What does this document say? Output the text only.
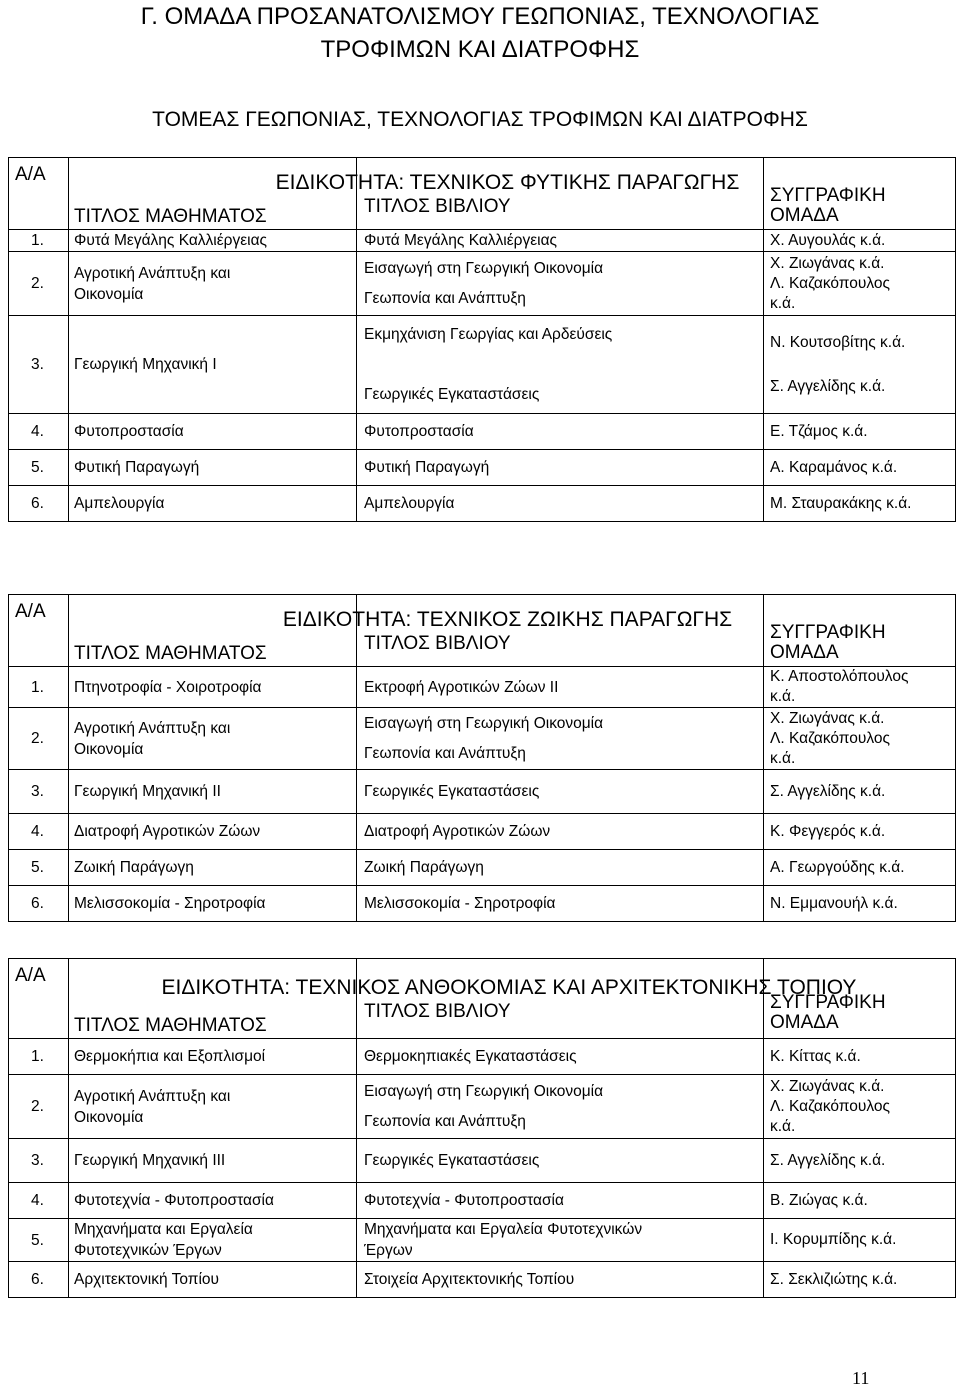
Γ. ΟΜΑΔΑ ΠΡΟΣΑΝΑΤΟΛΙΣΜΟΥ ΓΕΩΠΟΝΙΑΣ, ΤΕΧΝΟΛΟΓΙΑΣ
ΤΡΟΦΙΜΩΝ ΚΑΙ ΔΙΑΤΡΟΦΗΣ
ΤΟΜΕΑΣ ΓΕΩΠΟΝΙΑΣ, ΤΕΧΝΟΛΟΓΙΑΣ ΤΡΟΦΙΜΩΝ ΚΑΙ ΔΙΑΤΡΟΦΗΣ
Α/Α	ΤΙΤΛΟΣ ΜΑΘΗΜΑΤΟΣ	ΕΙΔΙΚΟΤΗΤΑ: ΤΕΧΝΙΚΟΣ ΦΥΤΙΚΗΣ ΠΑΡΑΓΩΓΗΣ
ΤΙΤΛΟΣ ΒΙΒΛΙΟΥ	ΣΥΓΓΡΑΦΙΚΗ
ΟΜΑΔΑ

1.	Φυτά Μεγάλης Καλλιέργειας	Φυτά Μεγάλης Καλλιέργειας	Χ. Αυγουλάς κ.ά.

2.	Αγροτική Ανάπτυξη και
Οικονομία	Εισαγωγή στη Γεωργική Οικονομία
Γεωπονία και Ανάπτυξη	Χ. Ζιωγάνας κ.ά.
Λ. Καζακόπουλος
κ.ά.

3.	Γεωργική Μηχανική Ι	Εκμηχάνιση Γεωργίας και Αρδεύσεις
Γεωργικές Εγκαταστάσεις	Ν. Κουτσοβίτης κ.ά.
Σ. Αγγελίδης κ.ά.

4.	Φυτοπροστασία	Φυτοπροστασία	Ε. Τζάμος κ.ά.

5.	Φυτική Παραγωγή	Φυτική Παραγωγή	Α. Καραμάνος κ.ά.

6.	Αμπελουργία	Αμπελουργία	Μ. Σταυρακάκης κ.ά.
Α/Α	ΤΙΤΛΟΣ ΜΑΘΗΜΑΤΟΣ	ΕΙΔΙΚΟΤΗΤΑ: ΤΕΧΝΙΚΟΣ ΖΩΙΚΗΣ ΠΑΡΑΓΩΓΗΣ
ΤΙΤΛΟΣ ΒΙΒΛΙΟΥ	ΣΥΓΓΡΑΦΙΚΗ
ΟΜΑΔΑ

1.	Πτηνοτροφία - Χοιροτροφία	Εκτροφή Αγροτικών Ζώων ΙΙ	Κ. Αποστολόπουλος
κ.ά.

2.	Αγροτική Ανάπτυξη και
Οικονομία	Εισαγωγή στη Γεωργική Οικονομία
Γεωπονία και Ανάπτυξη	Χ. Ζιωγάνας κ.ά.
Λ. Καζακόπουλος
κ.ά.

3.	Γεωργική Μηχανική ΙΙ	Γεωργικές Εγκαταστάσεις	Σ. Αγγελίδης κ.ά.

4.	Διατροφή Αγροτικών Ζώων	Διατροφή Αγροτικών Ζώων	Κ. Φεγγερός κ.ά.

5.	Ζωική Παράγωγη	Ζωική Παράγωγη	Α. Γεωργούδης κ.ά.

6.	Μελισσοκομία - Σηροτροφία	Μελισσοκομία - Σηροτροφία	Ν. Εμμανουήλ κ.ά.
Α/Α	ΤΙΤΛΟΣ ΜΑΘΗΜΑΤΟΣ	ΕΙΔΙΚΟΤΗΤΑ: ΤΕΧΝΙΚΟΣ ΑΝΘΟΚΟΜΙΑΣ ΚΑΙ ΑΡΧΙΤΕΚΤΟΝΙΚΗΣ ΤΟΠΙΟΥ
ΤΙΤΛΟΣ ΒΙΒΛΙΟΥ	ΣΥΓΓΡΑΦΙΚΗ
ΟΜΑΔΑ

1.	Θερμοκήπια και Εξοπλισμοί	Θερμοκηπιακές Εγκαταστάσεις	Κ. Κίττας κ.ά.

2.	Αγροτική Ανάπτυξη και
Οικονομία	Εισαγωγή στη Γεωργική Οικονομία
Γεωπονία και Ανάπτυξη	Χ. Ζιωγάνας κ.ά.
Λ. Καζακόπουλος
κ.ά.

3.	Γεωργική Μηχανική ΙΙΙ	Γεωργικές Εγκαταστάσεις	Σ. Αγγελίδης κ.ά.

4.	Φυτοτεχνία - Φυτοπροστασία	Φυτοτεχνία - Φυτοπροστασία	Β. Ζιώγας κ.ά.

5.	Μηχανήματα και Εργαλεία
Φυτοτεχνικών Έργων	Μηχανήματα και Εργαλεία Φυτοτεχνικών
Έργων	Ι. Κορυμπίδης κ.ά.

6.	Αρχιτεκτονική Τοπίου	Στοιχεία Αρχιτεκτονικής Τοπίου	Σ. Σεκλιζιώτης κ.ά.
11
